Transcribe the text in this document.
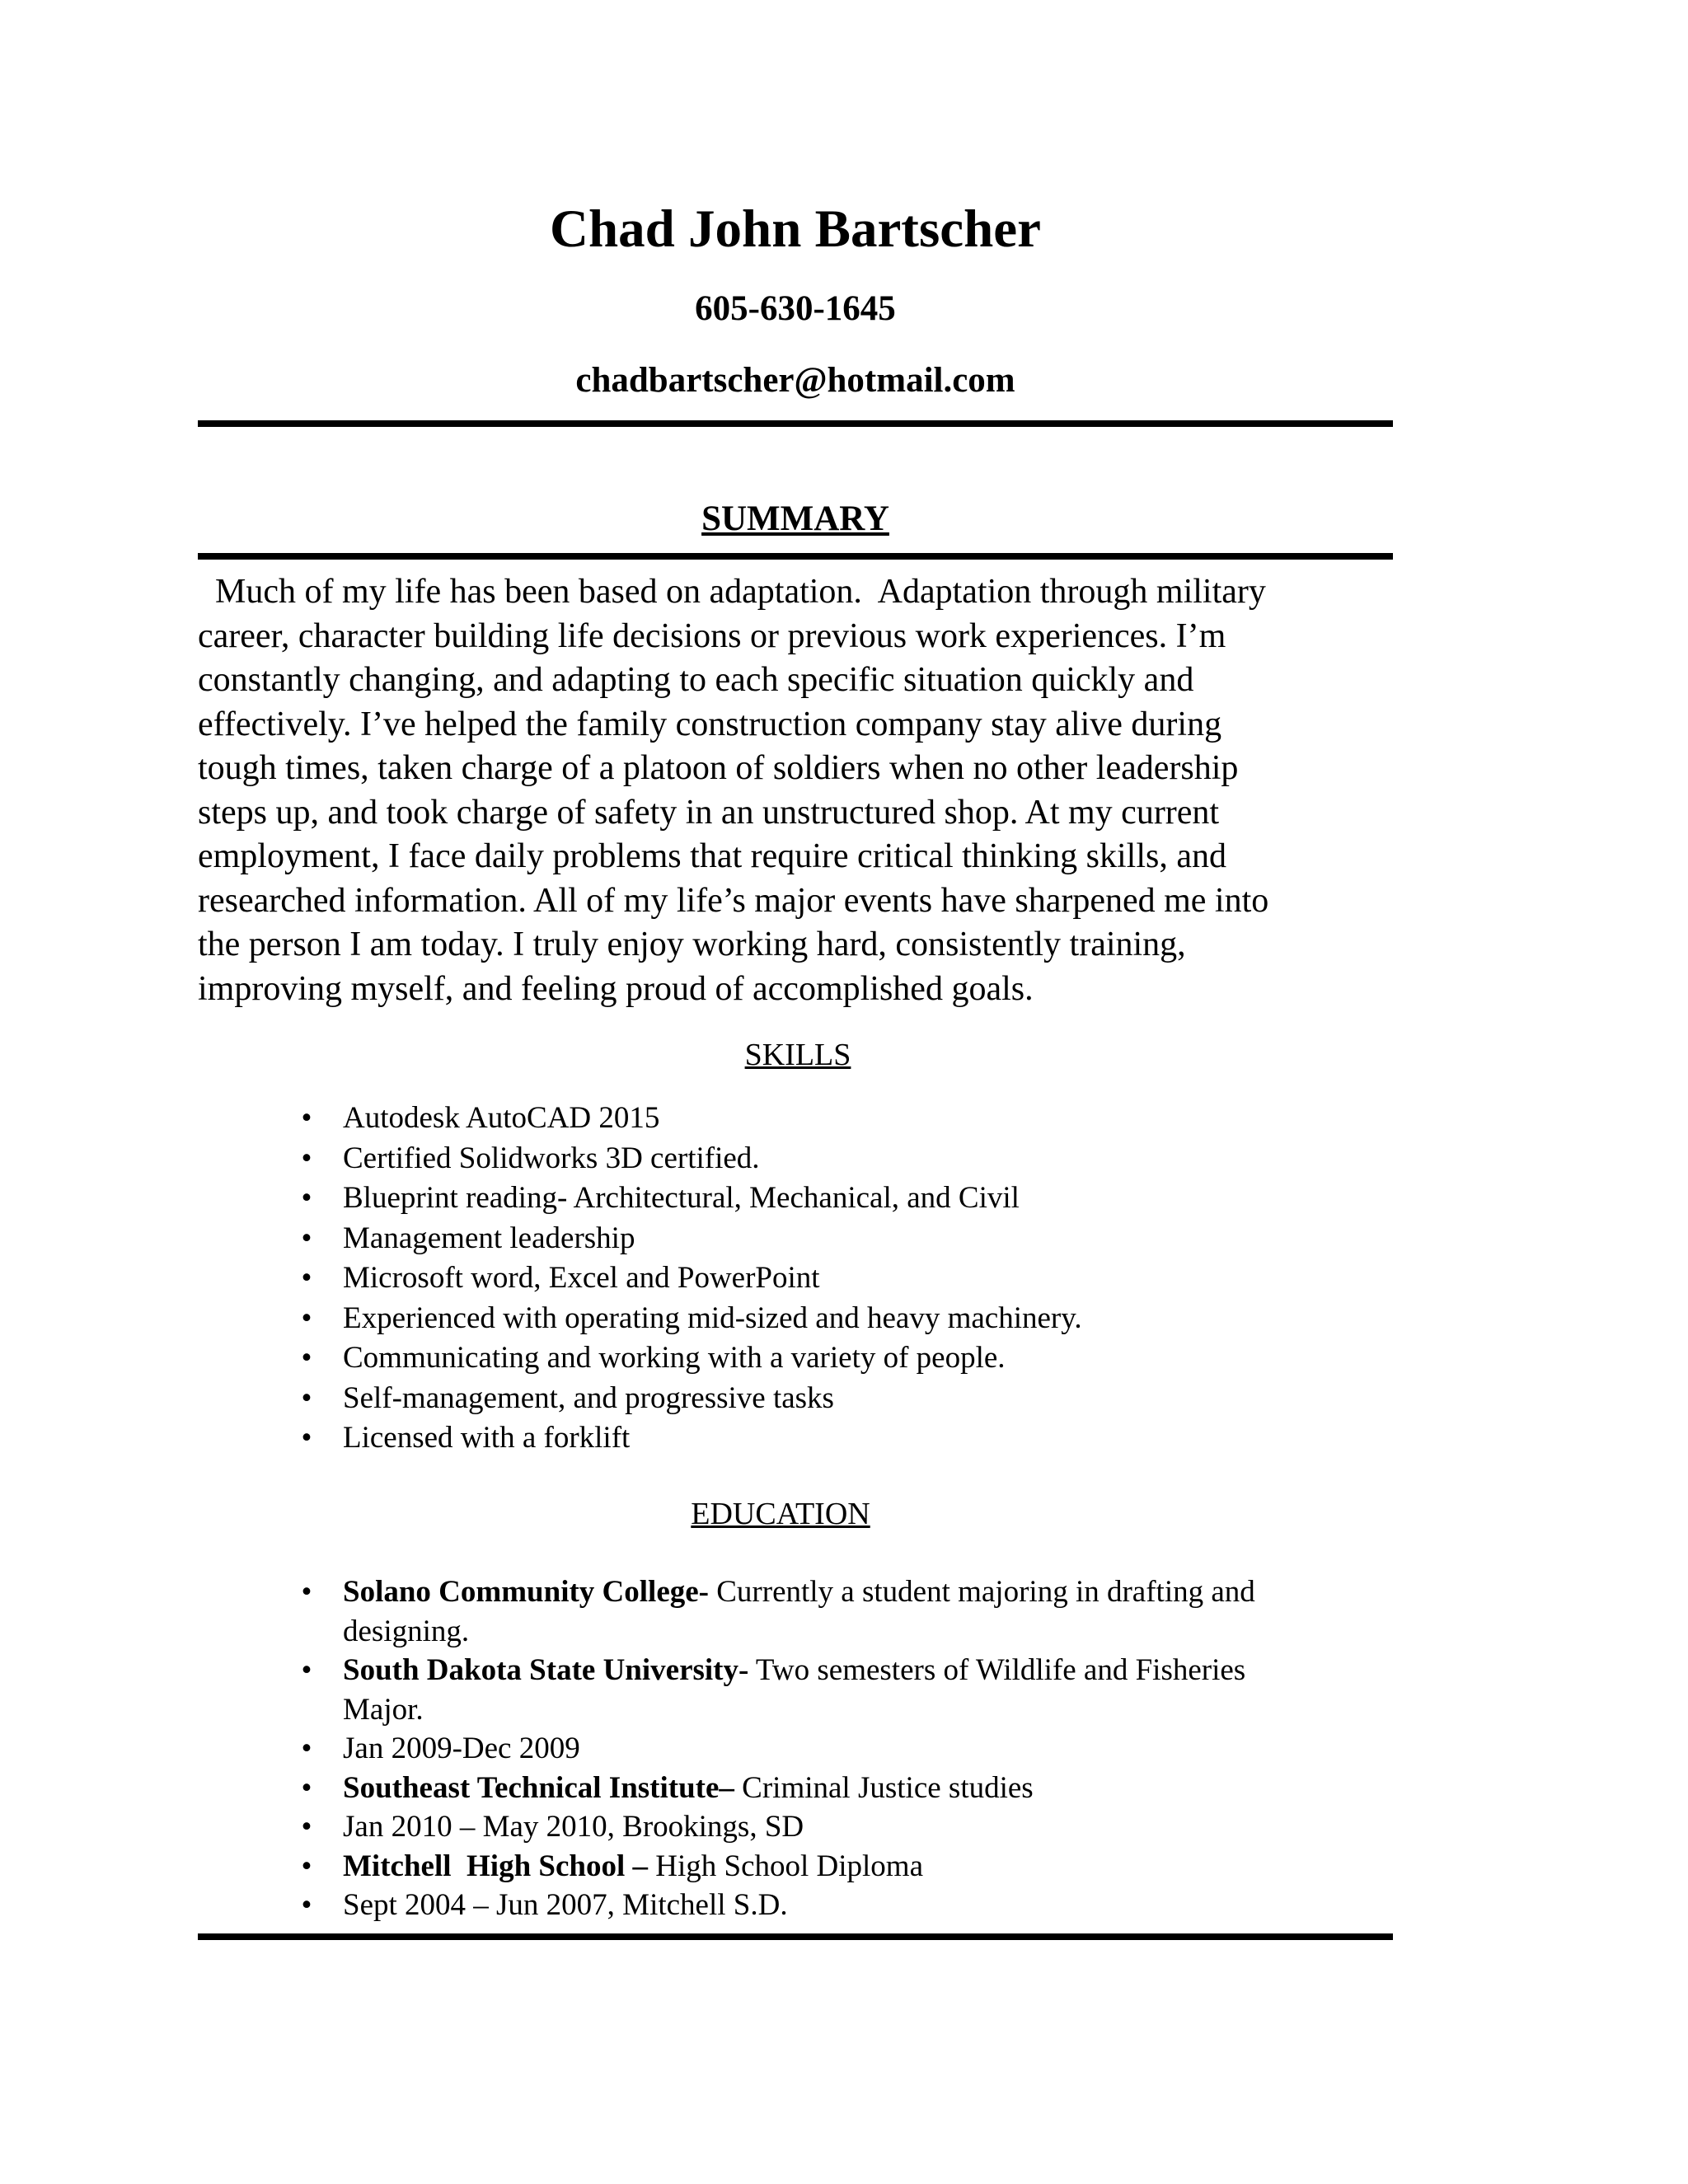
Chad John Bartscher
605-630-1645
chadbartscher@hotmail.com
SUMMARY
Much of my life has been based on adaptation.  Adaptation through military
career, character building life decisions or previous work experiences. I’m
constantly changing, and adapting to each specific situation quickly and
effectively. I’ve helped the family construction company stay alive during
tough times, taken charge of a platoon of soldiers when no other leadership
steps up, and took charge of safety in an unstructured shop. At my current
employment, I face daily problems that require critical thinking skills, and
researched information. All of my life’s major events have sharpened me into
the person I am today. I truly enjoy working hard, consistently training,
improving myself, and feeling proud of accomplished goals.
SKILLS
• Autodesk AutoCAD 2015
• Certified Solidworks 3D certified.
• Blueprint reading- Architectural, Mechanical, and Civil
• Management leadership
• Microsoft word, Excel and PowerPoint
• Experienced with operating mid-sized and heavy machinery.
• Communicating and working with a variety of people.
• Self-management, and progressive tasks
• Licensed with a forklift
EDUCATION
• Solano Community College- Currently a student majoring in drafting and
designing.
• South Dakota State University- Two semesters of Wildlife and Fisheries
Major.
• Jan 2009-Dec 2009
• Southeast Technical Institute– Criminal Justice studies
• Jan 2010 – May 2010, Brookings, SD
• Mitchell  High School – High School Diploma
• Sept 2004 – Jun 2007, Mitchell S.D.
